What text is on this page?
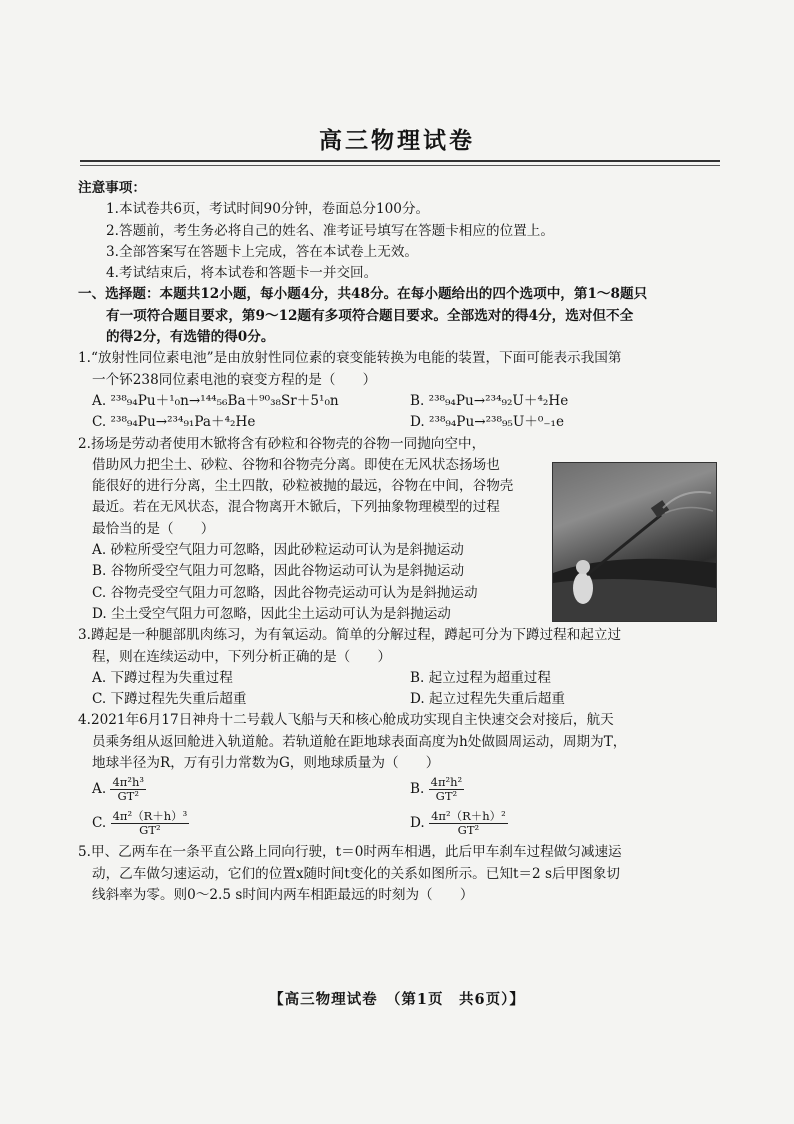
高三物理试卷
注意事项：
1.本试卷共6页，考试时间90分钟，卷面总分100分。
2.答题前，考生务必将自己的姓名、准考证号填写在答题卡相应的位置上。
3.全部答案写在答题卡上完成，答在本试卷上无效。
4.考试结束后，将本试卷和答题卡一并交回。
一、选择题：本题共12小题，每小题4分，共48分。在每小题给出的四个选项中，第1～8题只
有一项符合题目要求，第9～12题有多项符合题目要求。全部选对的得4分，选对但不全
的得2分，有选错的得0分。
1.“放射性同位素电池”是由放射性同位素的衰变能转换为电能的装置，下面可能表示我国第
一个钚238同位素电池的衰变方程的是（　　）
A. ²³⁸₉₄Pu＋¹₀n→¹⁴⁴₅₆Ba＋⁹⁰₃₈Sr＋5¹₀n	B. ²³⁸₉₄Pu→²³⁴₉₂U＋⁴₂He
C. ²³⁸₉₄Pu→²³⁴₉₁Pa＋⁴₂He	D. ²³⁸₉₄Pu→²³⁸₉₅U＋⁰₋₁e
2.扬场是劳动者使用木锨将含有砂粒和谷物壳的谷物一同抛向空中，
借助风力把尘土、砂粒、谷物和谷物壳分离。即使在无风状态扬场也
能很好的进行分离，尘土四散，砂粒被抛的最远，谷物在中间，谷物壳
最近。若在无风状态，混合物离开木锨后，下列抽象物理模型的过程
最恰当的是（　　）
A. 砂粒所受空气阻力可忽略，因此砂粒运动可认为是斜抛运动
B. 谷物所受空气阻力可忽略，因此谷物运动可认为是斜抛运动
C. 谷物壳受空气阻力可忽略，因此谷物壳运动可认为是斜抛运动
D. 尘土受空气阻力可忽略，因此尘土运动可认为是斜抛运动
3.蹲起是一种腿部肌肉练习，为有氧运动。简单的分解过程，蹲起可分为下蹲过程和起立过
程，则在连续运动中，下列分析正确的是（　　）
A. 下蹲过程为失重过程	B. 起立过程为超重过程
C. 下蹲过程先失重后超重	D. 起立过程先失重后超重
4.2021年6月17日神舟十二号载人飞船与天和核心舱成功实现自主快速交会对接后，航天
员乘务组从返回舱进入轨道舱。若轨道舱在距地球表面高度为h处做圆周运动，周期为T，
地球半径为R，万有引力常数为G，则地球质量为（　　）
A. $\frac{\text{4π²h³}}{\text{GT²}}$	B. $\frac{\text{4π²h²}}{\text{GT²}}$
C. $\frac{\text{4π²（R＋h）³}}{\text{GT²}}$	D. $\frac{\text{4π²（R＋h）²}}{\text{GT²}}$
5.甲、乙两车在一条平直公路上同向行驶，t＝0时两车相遇，此后甲车刹车过程做匀减速运
动，乙车做匀速运动，它们的位置x随时间t变化的关系如图所示。已知t＝2 s后甲图象切
线斜率为零。则0～2.5 s时间内两车相距最远的时刻为（　　）
【高三物理试卷　（第1页　共6页）】
